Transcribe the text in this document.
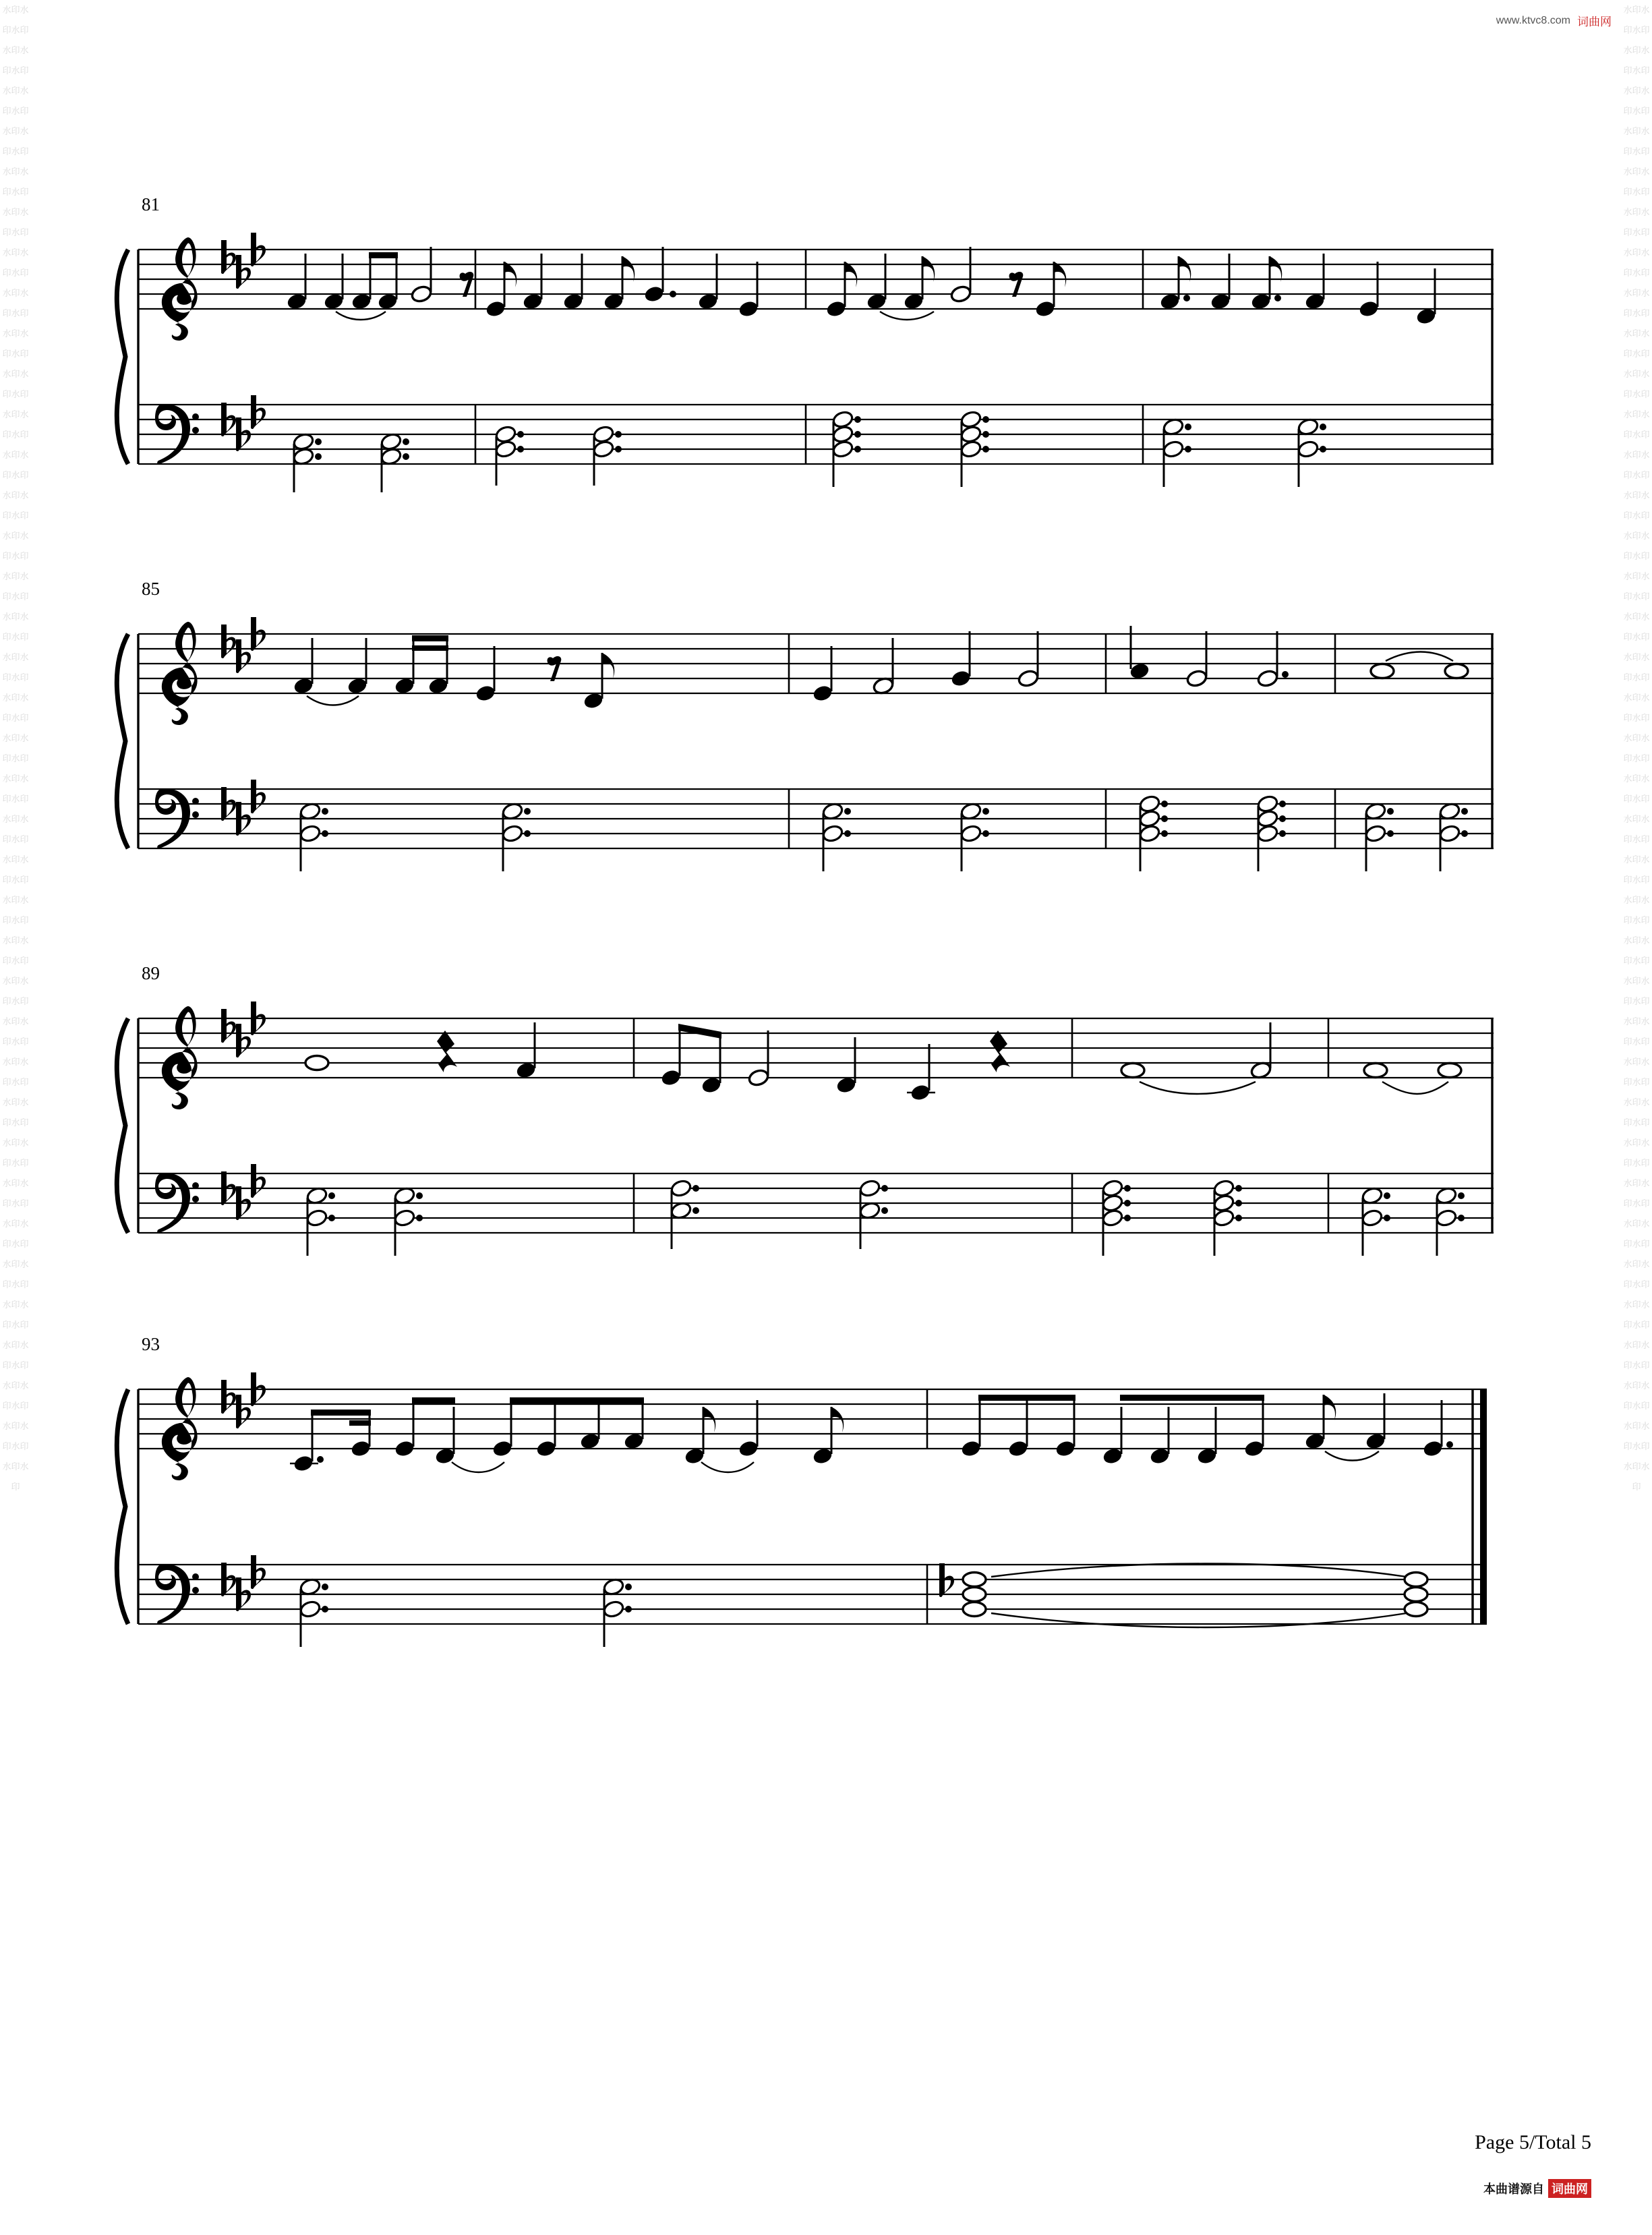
水印水印水印水印水印水印水印水印水印水印水印水印水印水印水印水印水印水印水印水印水印水印水印水印水印水印水印水印水印水印水印水印水印水印水印水印水印水印水印水印水印水印水印水印水印水印水印水印水印水印水印水印水印水印水印水印水印水印水印水印水印水印水印水印水印水印水印水印水印水印水印水印水印水印水印水印水印水印水印水印水印水印水印水印水印水印水印水印水印水印水印水印水印水印水印水印水印水印水印水印水印水印水印水印水印水印水印水印水印水印
水印水印水印水印水印水印水印水印水印水印水印水印水印水印水印水印水印水印水印水印水印水印水印水印水印水印水印水印水印水印水印水印水印水印水印水印水印水印水印水印水印水印水印水印水印水印水印水印水印水印水印水印水印水印水印水印水印水印水印水印水印水印水印水印水印水印水印水印水印水印水印水印水印水印水印水印水印水印水印水印水印水印水印水印水印水印水印水印水印水印水印水印水印水印水印水印水印水印水印水印水印水印水印水印水印水印水印水印水印水印
www.ktvc8.com 词曲网
81
85
89
93
Page 5/Total 5
本曲谱源自 词曲网
